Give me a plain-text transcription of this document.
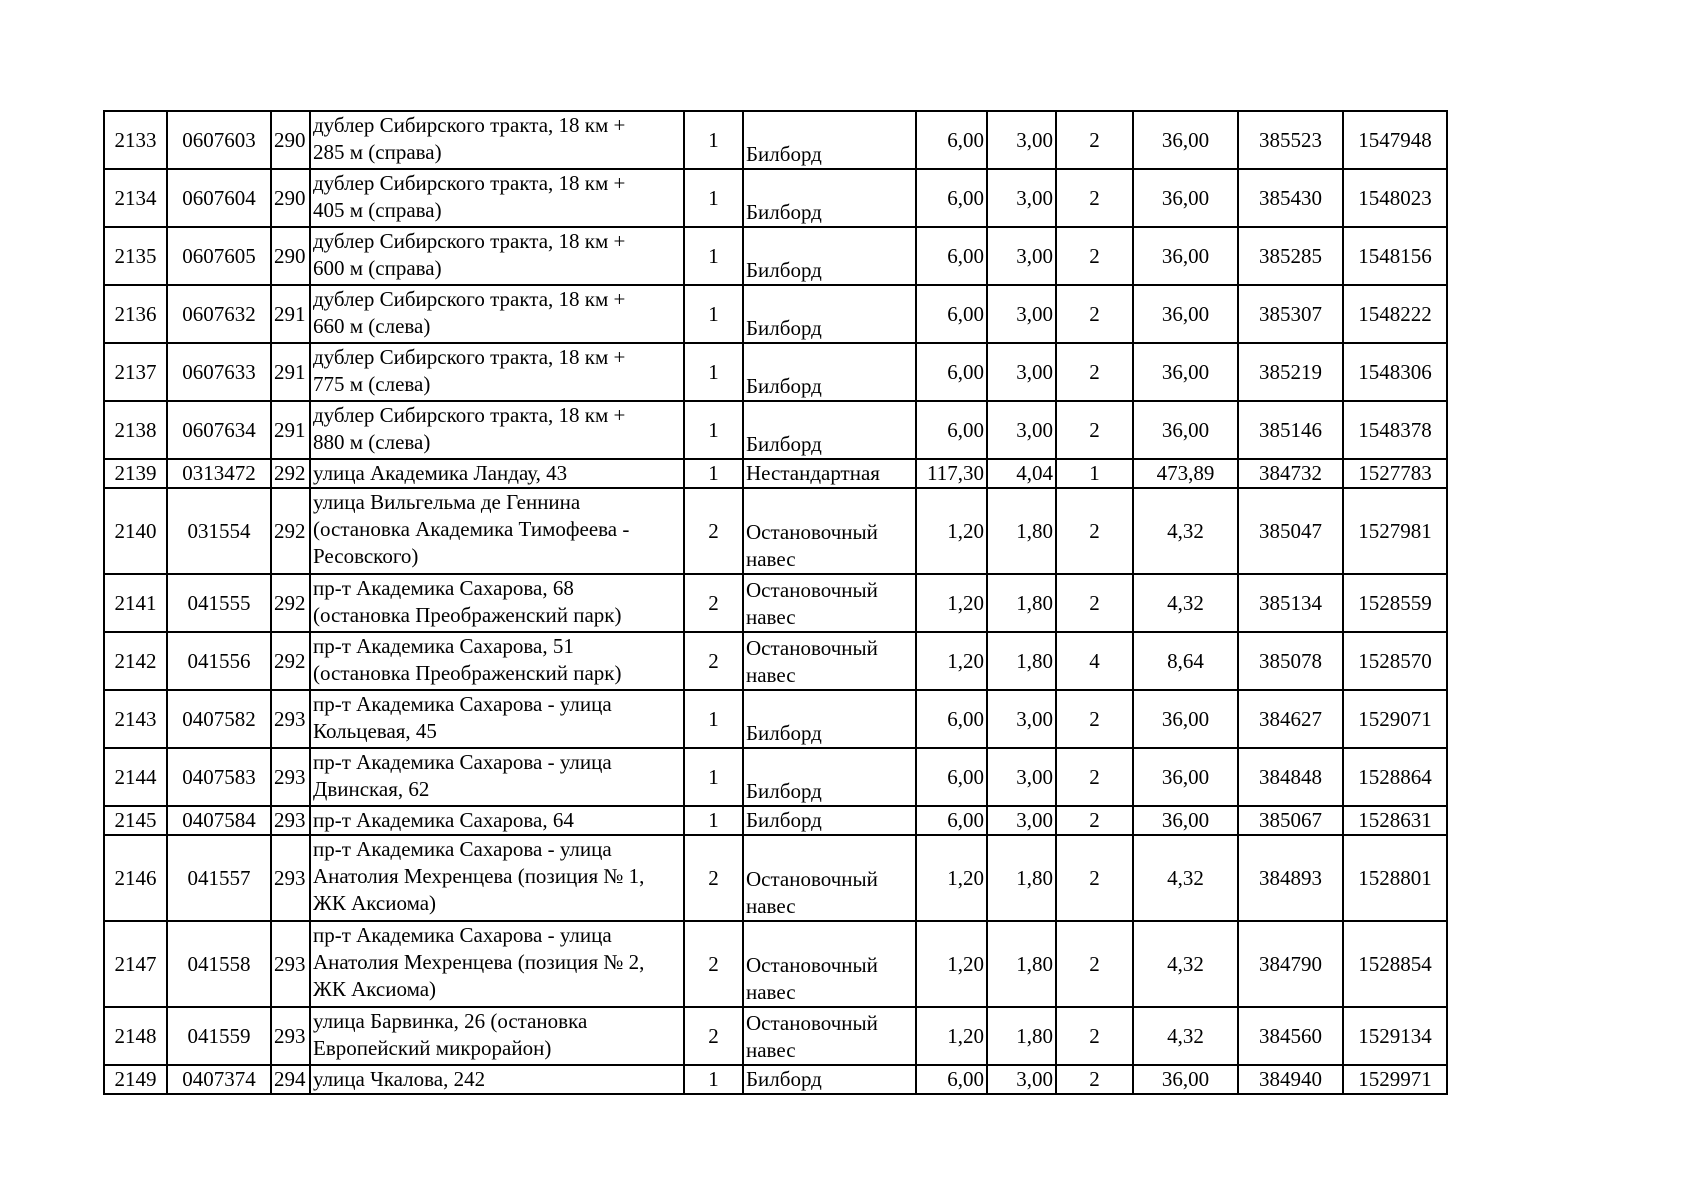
2133	0607603	290	дублер Сибирского тракта, 18 км +
285 м (справа)	1	Билборд	6,00	3,00	2	36,00	385523	1547948
2134	0607604	290	дублер Сибирского тракта, 18 км +
405 м (справа)	1	Билборд	6,00	3,00	2	36,00	385430	1548023
2135	0607605	290	дублер Сибирского тракта, 18 км +
600 м (справа)	1	Билборд	6,00	3,00	2	36,00	385285	1548156
2136	0607632	291	дублер Сибирского тракта, 18 км +
660 м (слева)	1	Билборд	6,00	3,00	2	36,00	385307	1548222
2137	0607633	291	дублер Сибирского тракта, 18 км +
775 м (слева)	1	Билборд	6,00	3,00	2	36,00	385219	1548306
2138	0607634	291	дублер Сибирского тракта, 18 км +
880 м (слева)	1	Билборд	6,00	3,00	2	36,00	385146	1548378
2139	0313472	292	улица Академика Ландау, 43	1	Нестандартная	117,30	4,04	1	473,89	384732	1527783
2140	031554	292	улица Вильгельма де Геннина
(остановка Академика Тимофеева -
Ресовского)	2	Остановочный
навес	1,20	1,80	2	4,32	385047	1527981
2141	041555	292	пр-т Академика Сахарова, 68
(остановка Преображенский парк)	2	Остановочный
навес	1,20	1,80	2	4,32	385134	1528559
2142	041556	292	пр-т Академика Сахарова, 51
(остановка Преображенский парк)	2	Остановочный
навес	1,20	1,80	4	8,64	385078	1528570
2143	0407582	293	пр-т Академика Сахарова - улица
Кольцевая, 45	1	Билборд	6,00	3,00	2	36,00	384627	1529071
2144	0407583	293	пр-т Академика Сахарова - улица
Двинская, 62	1	Билборд	6,00	3,00	2	36,00	384848	1528864
2145	0407584	293	пр-т Академика Сахарова, 64	1	Билборд	6,00	3,00	2	36,00	385067	1528631
2146	041557	293	пр-т Академика Сахарова - улица
Анатолия Мехренцева (позиция № 1,
ЖК Аксиома)	2	Остановочный
навес	1,20	1,80	2	4,32	384893	1528801
2147	041558	293	пр-т Академика Сахарова - улица
Анатолия Мехренцева (позиция № 2,
ЖК Аксиома)	2	Остановочный
навес	1,20	1,80	2	4,32	384790	1528854
2148	041559	293	улица Барвинка, 26 (остановка
Европейский микрорайон)	2	Остановочный
навес	1,20	1,80	2	4,32	384560	1529134
2149	0407374	294	улица Чкалова, 242	1	Билборд	6,00	3,00	2	36,00	384940	1529971
